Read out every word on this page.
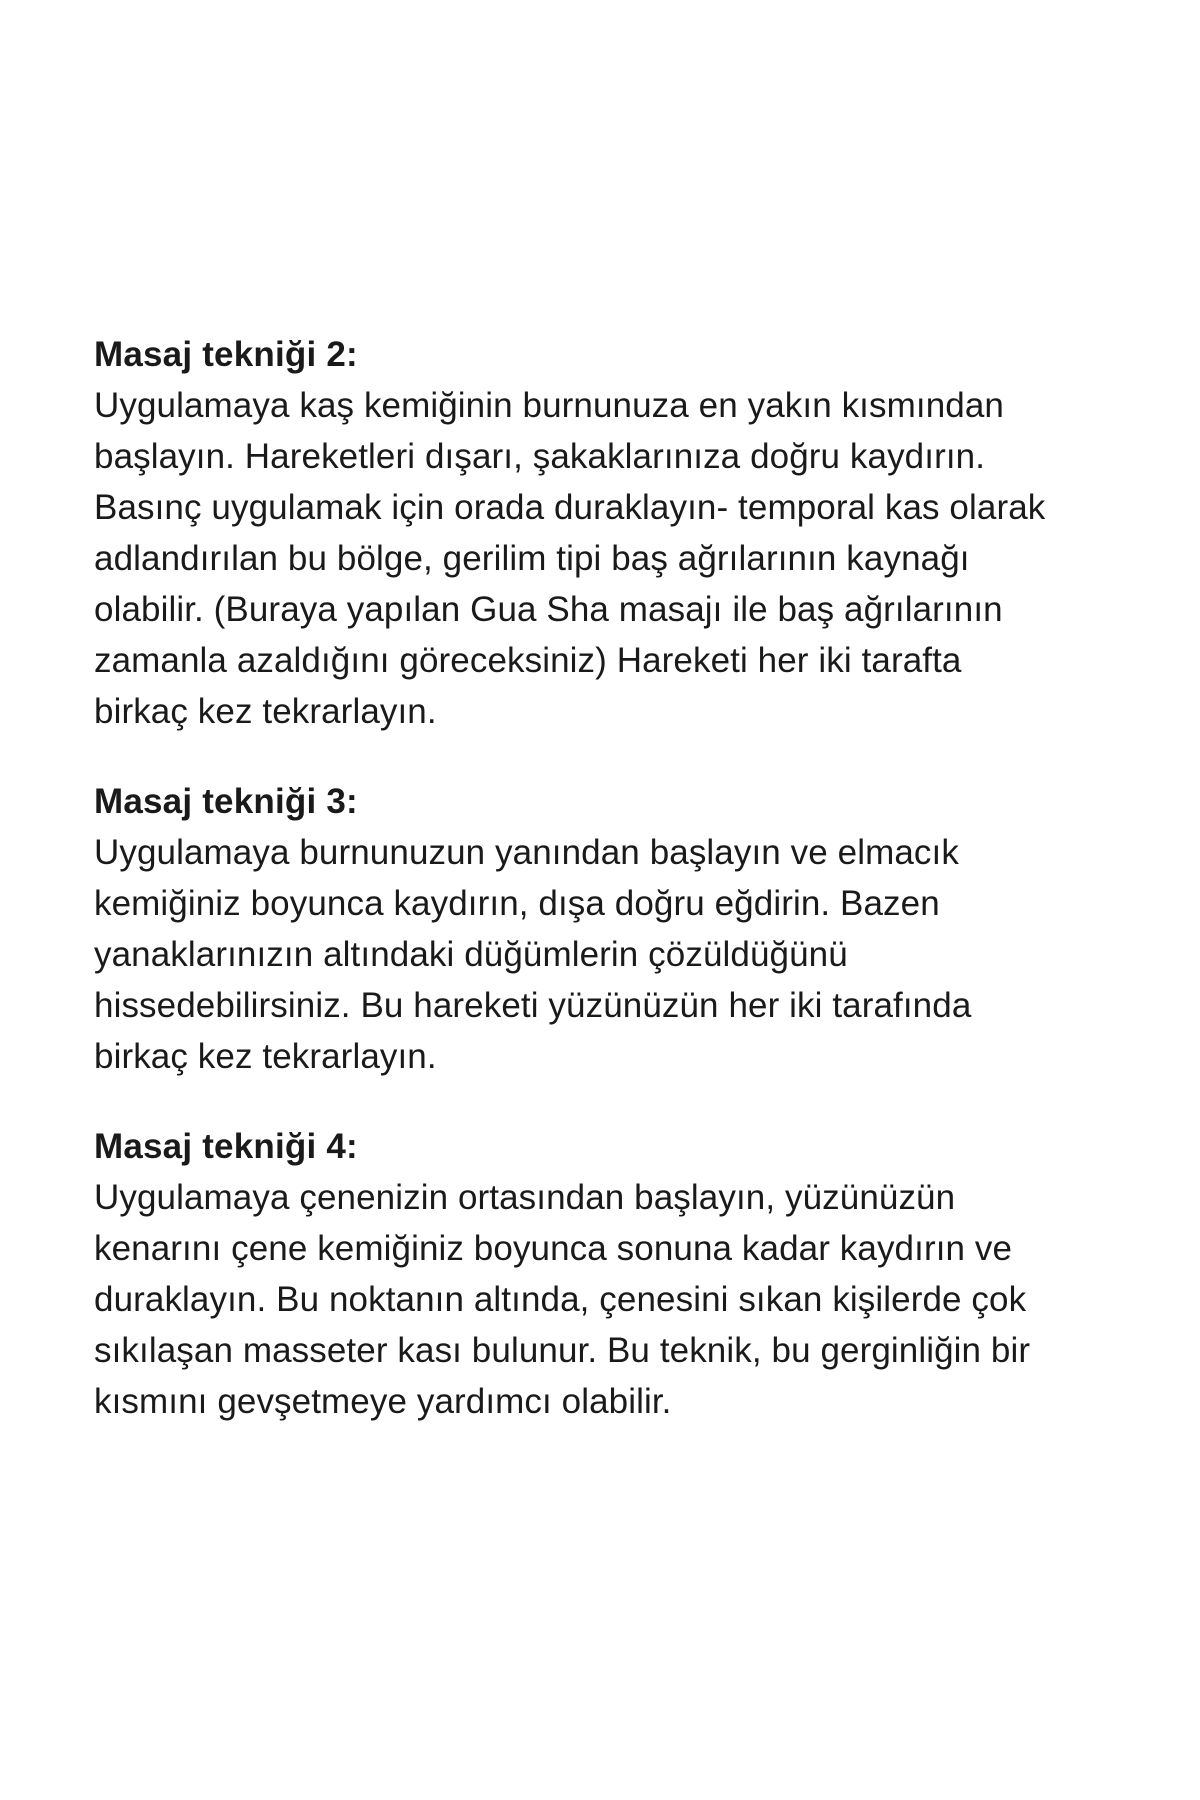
Masaj tekniği 2:

Uygulamaya kaş kemiğinin burnunuza en yakın kısmından
başlayın. Hareketleri dışarı, şakaklarınıza doğru kaydırın.
Basınç uygulamak için orada duraklayın- temporal kas olarak
adlandırılan bu bölge, gerilim tipi baş ağrılarının kaynağı
olabilir. (Buraya yapılan Gua Sha masajı ile baş ağrılarının
zamanla azaldığını göreceksiniz) Hareketi her iki tarafta
birkaç kez tekrarlayın.

Masaj tekniği 3:

Uygulamaya burnunuzun yanından başlayın ve elmacık
kemiğiniz boyunca kaydırın, dışa doğru eğdirin. Bazen
yanaklarınızın altındaki düğümlerin çözüldüğünü
hissedebilirsiniz. Bu hareketi yüzünüzün her iki tarafında
birkaç kez tekrarlayın.

Masaj tekniği 4:

Uygulamaya çenenizin ortasından başlayın, yüzünüzün
kenarını çene kemiğiniz boyunca sonuna kadar kaydırın ve
duraklayın. Bu noktanın altında, çenesini sıkan kişilerde çok
sıkılaşan masseter kası bulunur. Bu teknik, bu gerginliğin bir
kısmını gevşetmeye yardımcı olabilir.
